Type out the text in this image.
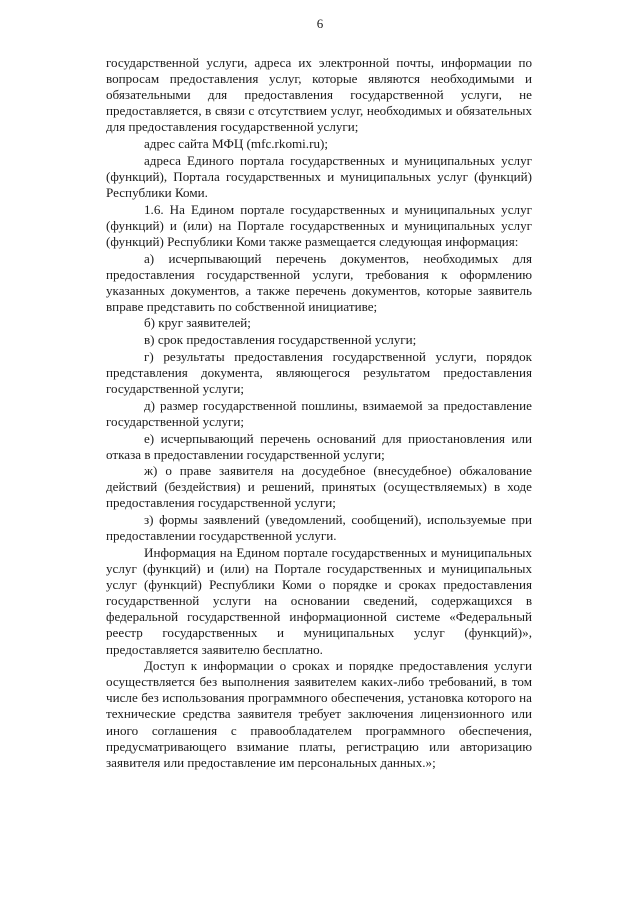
6

государственной услуги, адреса их электронной почты, информации по вопросам предоставления услуг, которые являются необходимыми и обязательными для предоставления государственной услуги, не предоставляется, в связи с отсутствием услуг, необходимых и обязательных для предоставления государственной услуги;

адрес сайта МФЦ (mfc.rkomi.ru);

адреса Единого портала государственных и муниципальных услуг (функций), Портала государственных и муниципальных услуг (функций) Республики Коми.

1.6. На Едином портале государственных и муниципальных услуг (функций) и (или) на Портале государственных и муниципальных услуг (функций) Республики Коми также размещается следующая информация:

а) исчерпывающий перечень документов, необходимых для предоставления государственной услуги, требования к оформлению указанных документов, а также перечень документов, которые заявитель вправе представить по собственной инициативе;

б) круг заявителей;

в) срок предоставления государственной услуги;

г) результаты предоставления государственной услуги, порядок представления документа, являющегося результатом предоставления государственной услуги;

д) размер государственной пошлины, взимаемой за предоставление государственной услуги;

е) исчерпывающий перечень оснований для приостановления или отказа в предоставлении государственной услуги;

ж) о праве заявителя на досудебное (внесудебное) обжалование действий (бездействия) и решений, принятых (осуществляемых) в ходе предоставления государственной услуги;

з) формы заявлений (уведомлений, сообщений), используемые при предоставлении государственной услуги.

Информация на Едином портале государственных и муниципальных услуг (функций) и (или) на Портале государственных и муниципальных услуг (функций) Республики Коми о порядке и сроках предоставления государственной услуги на основании сведений, содержащихся в федеральной государственной информационной системе «Федеральный реестр государственных и муниципальных услуг (функций)», предоставляется заявителю бесплатно.

Доступ к информации о сроках и порядке предоставления услуги осуществляется без выполнения заявителем каких-либо требований, в том числе без использования программного обеспечения, установка которого на технические средства заявителя требует заключения лицензионного или иного соглашения с правообладателем программного обеспечения, предусматривающего взимание платы, регистрацию или авторизацию заявителя или предоставление им персональных данных.»;
